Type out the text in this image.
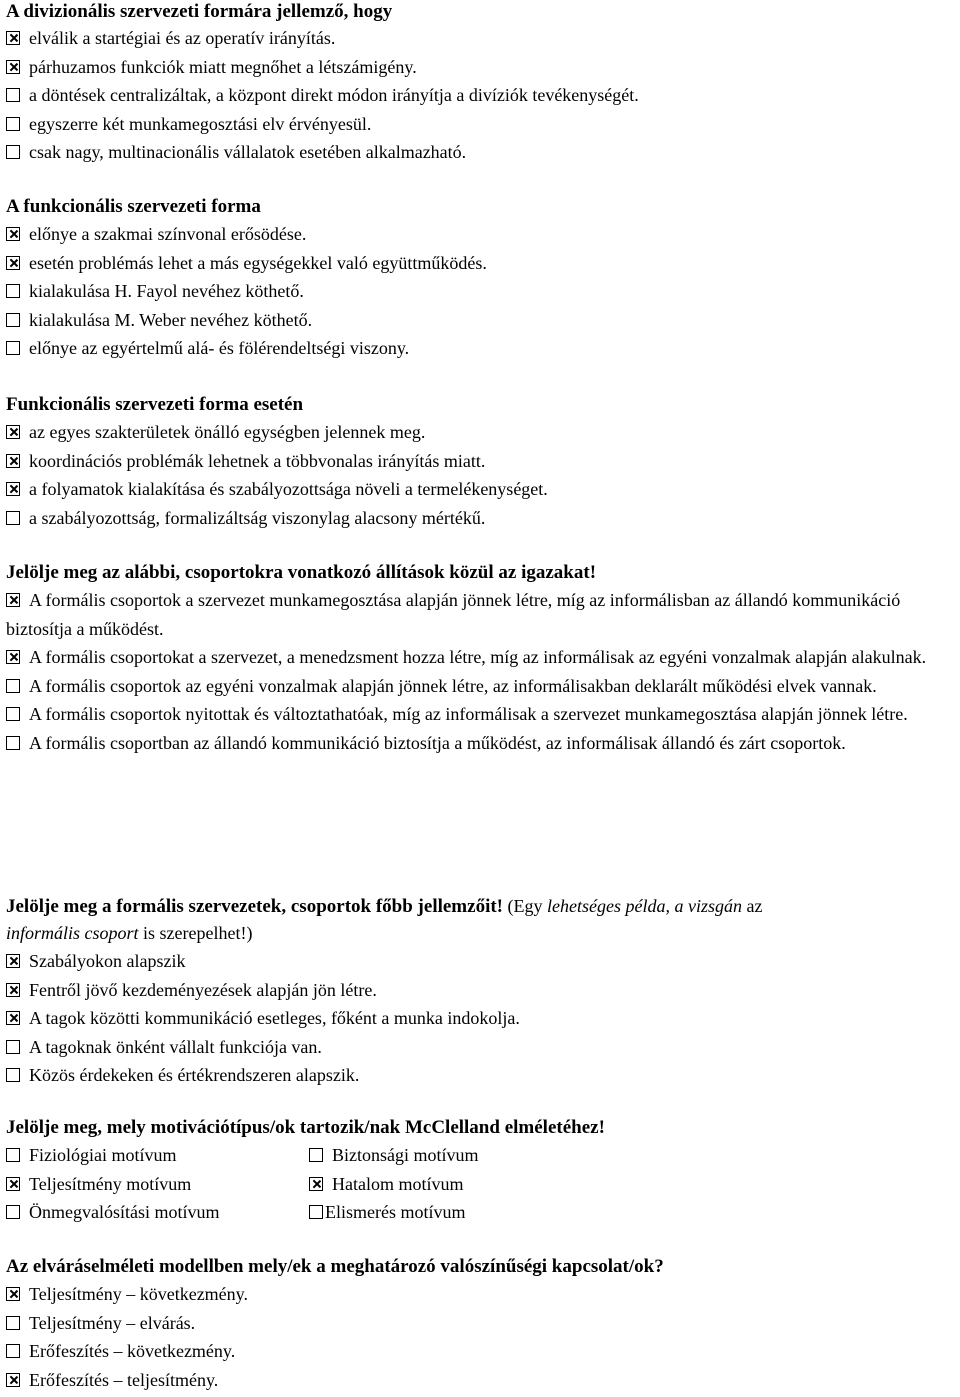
A divizionális szervezeti formára jellemző, hogy

elválik a startégiai és az operatív irányítás.

párhuzamos funkciók miatt megnőhet a létszámigény.

a döntések centralizáltak, a központ direkt módon irányítja a divíziók tevékenységét.

egyszerre két munkamegosztási elv érvényesül.

csak nagy, multinacionális vállalatok esetében alkalmazható.

A funkcionális szervezeti forma

előnye a szakmai színvonal erősödése.

esetén problémás lehet a más egységekkel való együttműködés.

kialakulása H. Fayol nevéhez köthető.

kialakulása M. Weber nevéhez köthető.

előnye az egyértelmű alá- és fölérendeltségi viszony.

Funkcionális szervezeti forma esetén

az egyes szakterületek önálló egységben jelennek meg.

koordinációs problémák lehetnek a többvonalas irányítás miatt.

a folyamatok kialakítása és szabályozottsága növeli a termelékenységet.

a szabályozottság, formalizáltság viszonylag alacsony mértékű.

Jelölje meg az alábbi, csoportokra vonatkozó állítások közül az igazakat!

A formális csoportok a szervezet munkamegosztása alapján jönnek létre, míg az informálisban az állandó kommunikáció biztosítja a működést.

A formális csoportokat a szervezet, a menedzsment hozza létre, míg az informálisak az egyéni vonzalmak alapján alakulnak.

A formális csoportok az egyéni vonzalmak alapján jönnek létre, az informálisakban deklarált működési elvek vannak.

A formális csoportok nyitottak és változtathatóak, míg az informálisak a szervezet munkamegosztása alapján jönnek létre.

A formális csoportban az állandó kommunikáció biztosítja a működést, az informálisak állandó és zárt csoportok.

Jelölje meg a formális szervezetek, csoportok főbb jellemzőit! (Egy lehetséges példa, a vizsgán az
informális csoport is szerepelhet!)

Szabályokon alapszik

Fentről jövő kezdeményezések alapján jön létre.

A tagok közötti kommunikáció esetleges, főként a munka indokolja.

A tagoknak önként vállalt funkciója van.

Közös érdekeken és értékrendszeren alapszik.

Jelölje meg, mely motivációtípus/ok tartozik/nak McClelland elméletéhez!

Fiziológiai motívum	Biztonsági motívum
Teljesítmény motívum	Hatalom motívum
Önmegvalósítási motívum	Elismerés motívum

Az elváráselméleti modellben mely/ek a meghatározó valószínűségi kapcsolat/ok?

Teljesítmény – következmény.

Teljesítmény – elvárás.

Erőfeszítés – következmény.

Erőfeszítés – teljesítmény.
